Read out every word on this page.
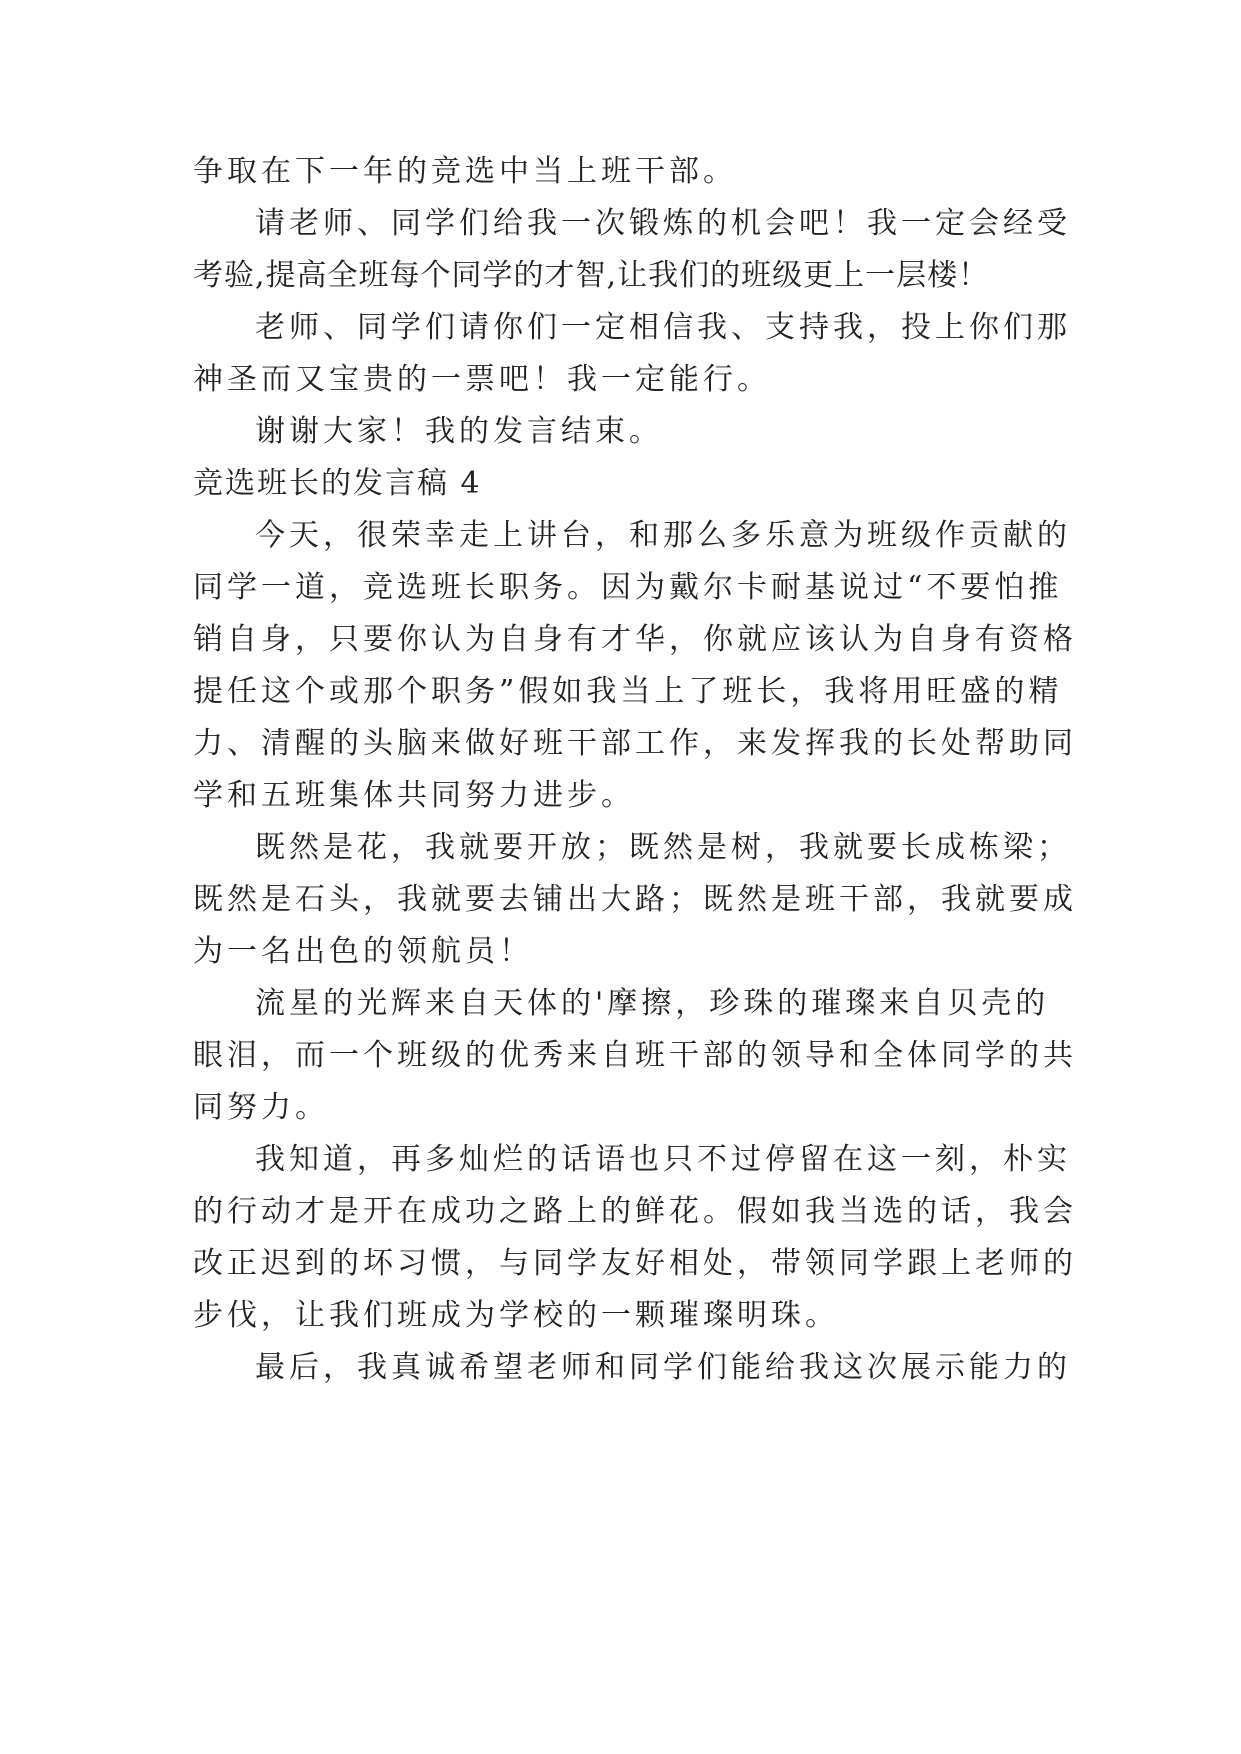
争取在下一年的竞选中当上班干部。
请老师、同学们给我一次锻炼的机会吧！我一定会经受
考验,提高全班每个同学的才智,让我们的班级更上一层楼！
老师、同学们请你们一定相信我、支持我，投上你们那
神圣而又宝贵的一票吧！我一定能行。
谢谢大家！我的发言结束。
竞选班长的发言稿 4
今天，很荣幸走上讲台，和那么多乐意为班级作贡献的
同学一道，竞选班长职务。因为戴尔卡耐基说过“不要怕推
销自身，只要你认为自身有才华，你就应该认为自身有资格
提任这个或那个职务”假如我当上了班长，我将用旺盛的精
力、清醒的头脑来做好班干部工作，来发挥我的长处帮助同
学和五班集体共同努力进步。
既然是花，我就要开放；既然是树，我就要长成栋梁；
既然是石头，我就要去铺出大路；既然是班干部，我就要成
为一名出色的领航员！
流星的光辉来自天体的'摩擦，珍珠的璀璨来自贝壳的
眼泪，而一个班级的优秀来自班干部的领导和全体同学的共
同努力。
我知道，再多灿烂的话语也只不过停留在这一刻，朴实
的行动才是开在成功之路上的鲜花。假如我当选的话，我会
改正迟到的坏习惯，与同学友好相处，带领同学跟上老师的
步伐，让我们班成为学校的一颗璀璨明珠。
最后，我真诚希望老师和同学们能给我这次展示能力的
